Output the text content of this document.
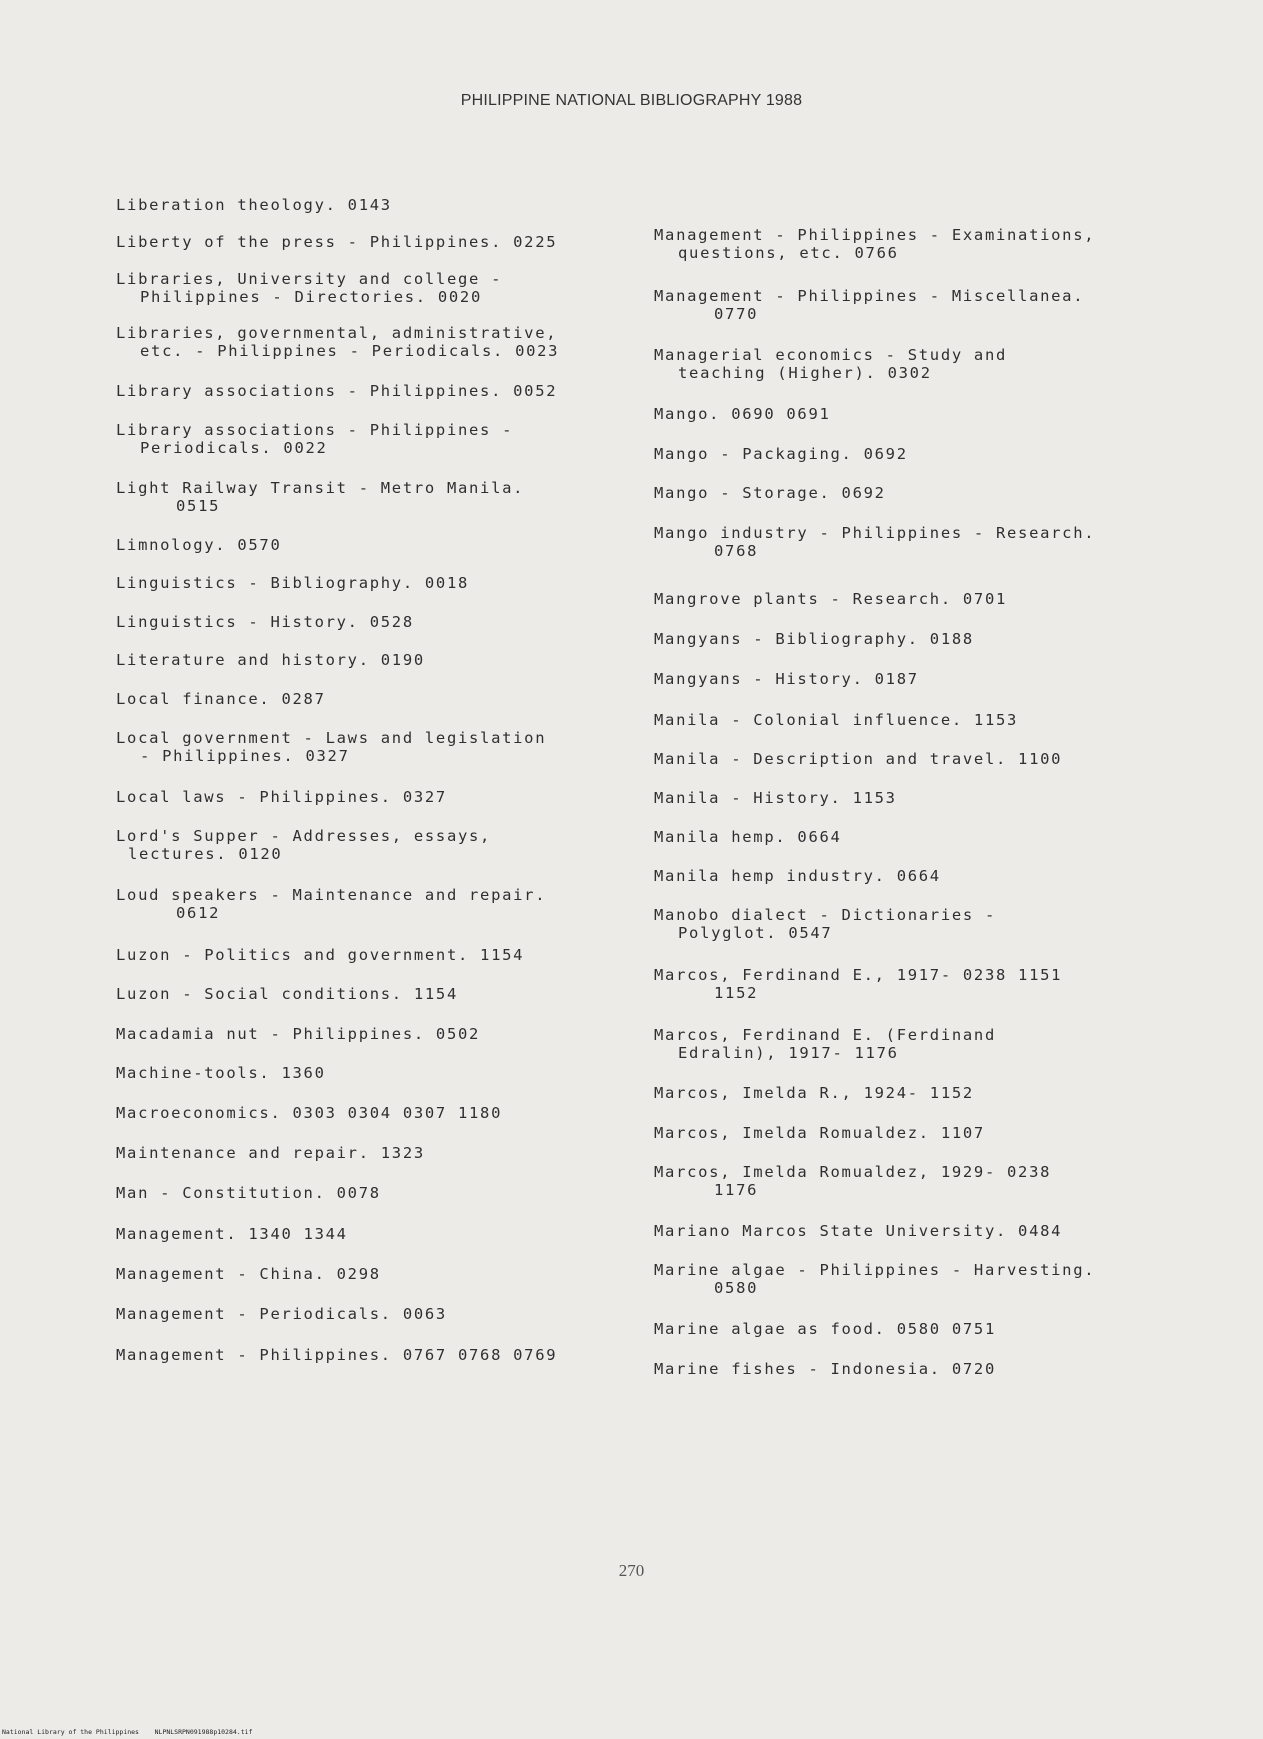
PHILIPPINE NATIONAL BIBLIOGRAPHY 1988
Liberation theology. 0143
Liberty of the press - Philippines. 0225
Libraries, University and college -
Philippines - Directories. 0020
Libraries, governmental, administrative,
etc. - Philippines - Periodicals. 0023
Library associations - Philippines. 0052
Library associations - Philippines -
Periodicals. 0022
Light Railway Transit - Metro Manila.
0515
Limnology. 0570
Linguistics - Bibliography. 0018
Linguistics - History. 0528
Literature and history. 0190
Local finance. 0287
Local government - Laws and legislation
- Philippines. 0327
Local laws - Philippines. 0327
Lord's Supper - Addresses, essays,
lectures. 0120
Loud speakers - Maintenance and repair.
0612
Luzon - Politics and government. 1154
Luzon - Social conditions. 1154
Macadamia nut - Philippines. 0502
Machine-tools. 1360
Macroeconomics. 0303 0304 0307 1180
Maintenance and repair. 1323
Man - Constitution. 0078
Management. 1340 1344
Management - China. 0298
Management - Periodicals. 0063
Management - Philippines. 0767 0768 0769
Management - Philippines - Examinations,
questions, etc. 0766
Management - Philippines - Miscellanea.
0770
Managerial economics - Study and
teaching (Higher). 0302
Mango. 0690 0691
Mango - Packaging. 0692
Mango - Storage. 0692
Mango industry - Philippines - Research.
0768
Mangrove plants - Research. 0701
Mangyans - Bibliography. 0188
Mangyans - History. 0187
Manila - Colonial influence. 1153
Manila - Description and travel. 1100
Manila - History. 1153
Manila hemp. 0664
Manila hemp industry. 0664
Manobo dialect - Dictionaries -
Polyglot. 0547
Marcos, Ferdinand E., 1917- 0238 1151
1152
Marcos, Ferdinand E. (Ferdinand
Edralin), 1917- 1176
Marcos, Imelda R., 1924- 1152
Marcos, Imelda Romualdez. 1107
Marcos, Imelda Romualdez, 1929- 0238
1176
Mariano Marcos State University. 0484
Marine algae - Philippines - Harvesting.
0580
Marine algae as food. 0580 0751
Marine fishes - Indonesia. 0720
270
National Library of the Philippines    NLPNLSRPN091988p10284.tif
